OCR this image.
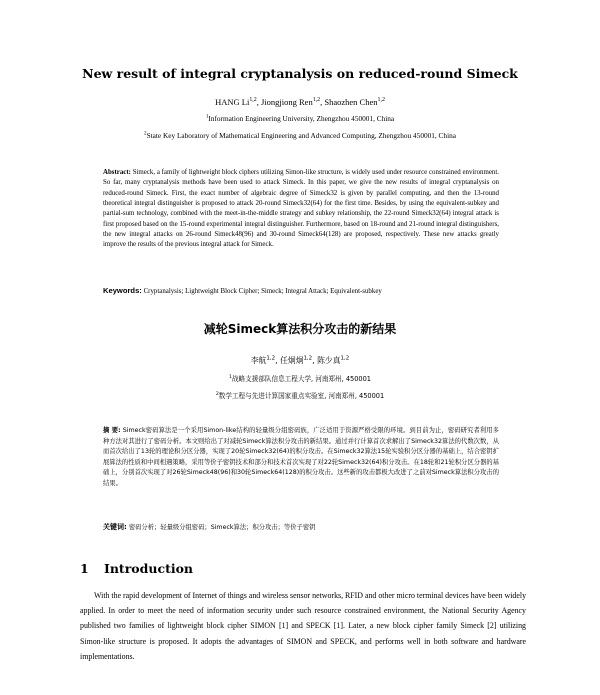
New result of integral cryptanalysis on reduced-round Simeck
HANG Li$^{1,2}$, Jiongjiong Ren$^{1,2}$, Shaozhen Chen$^{1,2}$
$^1$Information Engineering University, Zhengzhou 450001, China
$^2$State Key Laboratory of Mathematical Engineering and Advanced Computing, Zhengzhou 450001, China
Abstract: Simeck, a family of lightweight block ciphers utilizing Simon-like structure, is widely used under resource constrained environment. So far, many cryptanalysis methods have been used to attack Simeck. In this paper, we give the new results of integral cryptanalysis on reduced-round Simeck. First, the exact number of algebraic degree of Simeck32 is given by parallel computing, and then the 13-round theoretical integral distinguisher is proposed to attack 20-round Simeck32(64) for the first time. Besides, by using the equivalent-subkey and partial-sum technology, combined with the meet-in-the-middle strategy and subkey relationship, the 22-round Simeck32(64) integral attack is first proposed based on the 15-round experimental integral distinguisher. Furthermore, based on 18-round and 21-round integral distinguishers, the new integral attacks on 26-round Simeck48(96) and 30-round Simeck64(128) are proposed, respectively. These new attacks greatly improve the results of the previous integral attack for Simeck.
Keywords: Cryptanalysis; Lightweight Block Cipher; Simeck; Integral Attack; Equivalent-subkey
减轮Simeck算法积分攻击的新结果
李航$^{1,2}$, 任炯炯$^{1,2}$, 陈少真$^{1,2}$
$^1$战略支援部队信息工程大学, 河南郑州, 450001
$^2$数学工程与先进计算国家重点实验室, 河南郑州, 450001
摘 要: Simeck密码算法是一个采用Simon-like结构的轻量级分组密码族，广泛适用于资源严格受限的环境。到目前为止，密码研究者利用多种方法对其进行了密码分析。本文则给出了对减轮Simeck算法积分攻击的新结果。通过并行计算首次求解出了Simeck32算法的代数次数，从而首次给出了13轮的理论积分区分器，实现了20轮Simeck32(64)的积分攻击。在Simeck32算法15轮实验积分区分器的基础上，结合密钥扩展算法的性质和中间相遇策略，采用等价子密钥技术和部分和技术首次实现了对22轮Simeck32(64)积分攻击。在18轮和21轮积分区分器的基础上，分别首次实现了对26轮Simeck48(96)和30轮Simeck64(128)的积分攻击。这些新的攻击都极大改进了之前对Simeck算法积分攻击的结果。
关键词: 密码分析；轻量级分组密码；Simeck算法；积分攻击；等价子密钥
1 Introduction
With the rapid development of Internet of things and wireless sensor networks, RFID and other micro terminal devices have been widely applied. In order to meet the need of information security under such resource constrained environment, the National Security Agency published two families of lightweight block cipher SIMON [1] and SPECK [1]. Later, a new block cipher family Simeck [2] utilizing Simon-like structure is proposed. It adopts the advantages of SIMON and SPECK, and performs well in both software and hardware implementations.
